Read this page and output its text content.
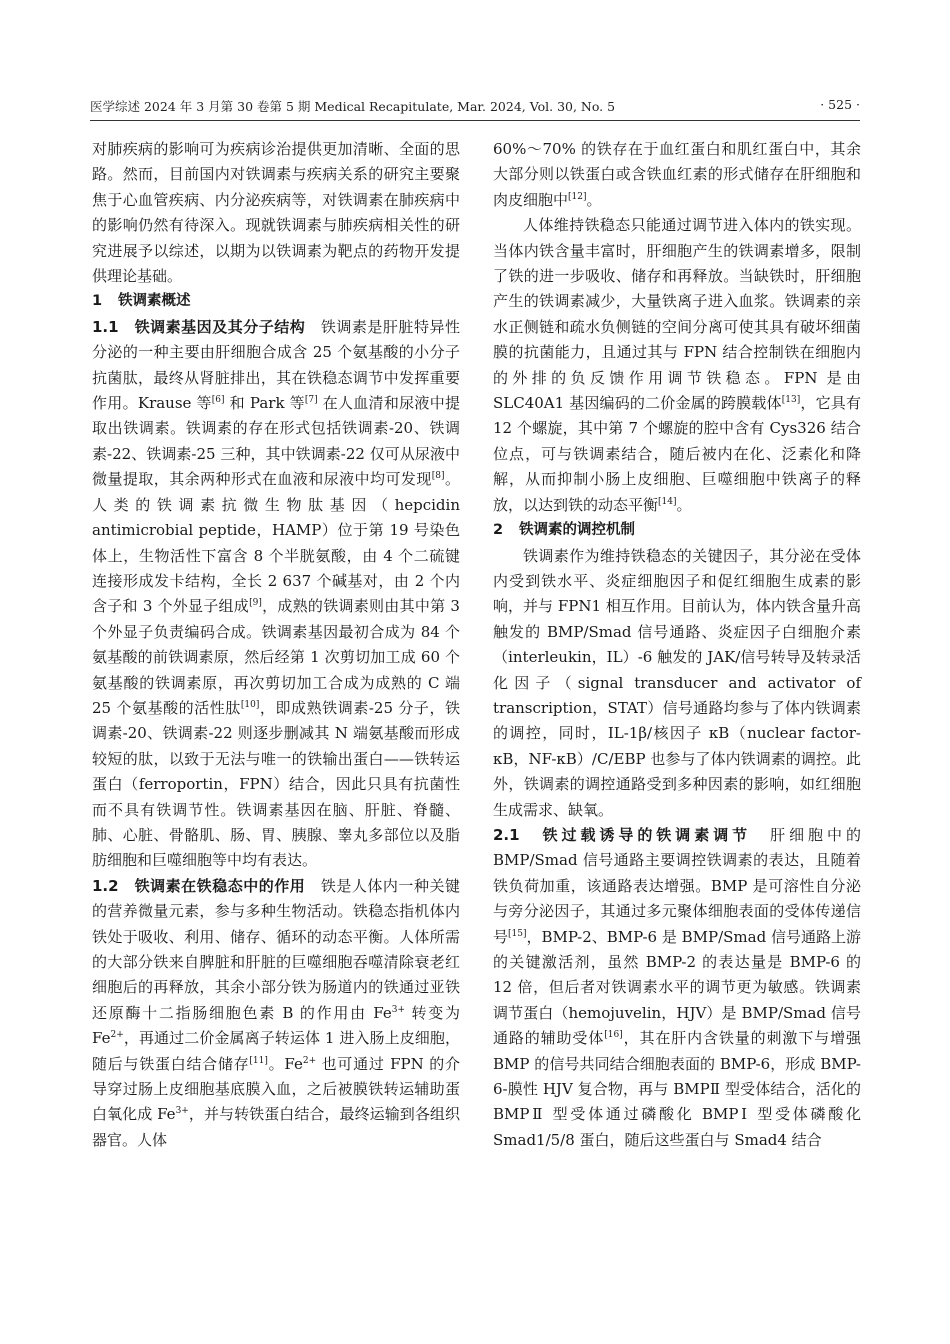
医学综述 2024 年 3 月第 30 卷第 5 期 Medical Recapitulate, Mar. 2024, Vol. 30, No. 5	· 525 ·

对肺疾病的影响可为疾病诊治提供更加清晰、全面的思路。然而，目前国内对铁调素与疾病关系的研究主要聚焦于心血管疾病、内分泌疾病等，对铁调素在肺疾病中的影响仍然有待深入。现就铁调素与肺疾病相关性的研究进展予以综述，以期为以铁调素为靶点的药物开发提供理论基础。

1 铁调素概述

1.1　铁调素基因及其分子结构　铁调素是肝脏特异性分泌的一种主要由肝细胞合成含 25 个氨基酸的小分子抗菌肽，最终从肾脏排出，其在铁稳态调节中发挥重要作用。Krause 等[6] 和 Park 等[7] 在人血清和尿液中提取出铁调素。铁调素的存在形式包括铁调素-20、铁调素-22、铁调素-25 三种，其中铁调素-22 仅可从尿液中微量提取，其余两种形式在血液和尿液中均可发现[8]。人类的铁调素抗微生物肽基因（hepcidin antimicrobial peptide，HAMP）位于第 19 号染色体上，生物活性下富含 8 个半胱氨酸，由 4 个二硫键连接形成发卡结构，全长 2 637 个碱基对，由 2 个内含子和 3 个外显子组成[9]，成熟的铁调素则由其中第 3 个外显子负责编码合成。铁调素基因最初合成为 84 个氨基酸的前铁调素原，然后经第 1 次剪切加工成 60 个氨基酸的铁调素原，再次剪切加工合成为成熟的 C 端 25 个氨基酸的活性肽[10]，即成熟铁调素-25 分子，铁调素-20、铁调素-22 则逐步删减其 N 端氨基酸而形成较短的肽，以致于无法与唯一的铁输出蛋白——铁转运蛋白（ferroportin，FPN）结合，因此只具有抗菌性而不具有铁调节性。铁调素基因在脑、肝脏、脊髓、肺、心脏、骨骼肌、肠、胃、胰腺、睾丸多部位以及脂肪细胞和巨噬细胞等中均有表达。

1.2　铁调素在铁稳态中的作用　铁是人体内一种关键的营养微量元素，参与多种生物活动。铁稳态指机体内铁处于吸收、利用、储存、循环的动态平衡。人体所需的大部分铁来自脾脏和肝脏的巨噬细胞吞噬清除衰老红细胞后的再释放，其余小部分铁为肠道内的铁通过亚铁还原酶十二指肠细胞色素 B 的作用由 $Fe^{3+}$ 转变为 $Fe^{2+}$，再通过二价金属离子转运体 1 进入肠上皮细胞，随后与铁蛋白结合储存[11]。$Fe^{2+}$ 也可通过 FPN 的介导穿过肠上皮细胞基底膜入血，之后被膜铁转运辅助蛋白氧化成 $Fe^{3+}$，并与转铁蛋白结合，最终运输到各组织器官。人体

60%～70% 的铁存在于血红蛋白和肌红蛋白中，其余大部分则以铁蛋白或含铁血红素的形式储存在肝细胞和肉皮细胞中[12]。

人体维持铁稳态只能通过调节进入体内的铁实现。当体内铁含量丰富时，肝细胞产生的铁调素增多，限制了铁的进一步吸收、储存和再释放。当缺铁时，肝细胞产生的铁调素减少，大量铁离子进入血浆。铁调素的亲水正侧链和疏水负侧链的空间分离可使其具有破坏细菌膜的抗菌能力，且通过其与 FPN 结合控制铁在细胞内的外排的负反馈作用调节铁稳态。FPN 是由 SLC40A1 基因编码的二价金属的跨膜载体[13]，它具有 12 个螺旋，其中第 7 个螺旋的腔中含有 Cys326 结合位点，可与铁调素结合，随后被内在化、泛素化和降解，从而抑制小肠上皮细胞、巨噬细胞中铁离子的释放，以达到铁的动态平衡[14]。

2 铁调素的调控机制

铁调素作为维持铁稳态的关键因子，其分泌在受体内受到铁水平、炎症细胞因子和促红细胞生成素的影响，并与 FPN1 相互作用。目前认为，体内铁含量升高触发的 BMP/Smad 信号通路、炎症因子白细胞介素（interleukin，IL）-6 触发的 JAK/信号转导及转录活化因子（signal transducer and activator of transcription，STAT）信号通路均参与了体内铁调素的调控，同时，IL-1β/核因子 κB（nuclear factor-κB，NF-κB）/C/EBP 也参与了体内铁调素的调控。此外，铁调素的调控通路受到多种因素的影响，如红细胞生成需求、缺氧。

2.1　铁过载诱导的铁调素调节　肝细胞中的 BMP/Smad 信号通路主要调控铁调素的表达，且随着铁负荷加重，该通路表达增强。BMP 是可溶性自分泌与旁分泌因子，其通过多元聚体细胞表面的受体传递信号[15]，BMP-2、BMP-6 是 BMP/Smad 信号通路上游的关键激活剂，虽然 BMP-2 的表达量是 BMP-6 的 12 倍，但后者对铁调素水平的调节更为敏感。铁调素调节蛋白（hemojuvelin，HJV）是 BMP/Smad 信号通路的辅助受体[16]，其在肝内含铁量的刺激下与增强 BMP 的信号共同结合细胞表面的 BMP-6，形成 BMP-6-膜性 HJV 复合物，再与 BMPⅡ 型受体结合，活化的 BMPⅡ 型受体通过磷酸化 BMPⅠ 型受体磷酸化 Smad1/5/8 蛋白，随后这些蛋白与 Smad4 结合
